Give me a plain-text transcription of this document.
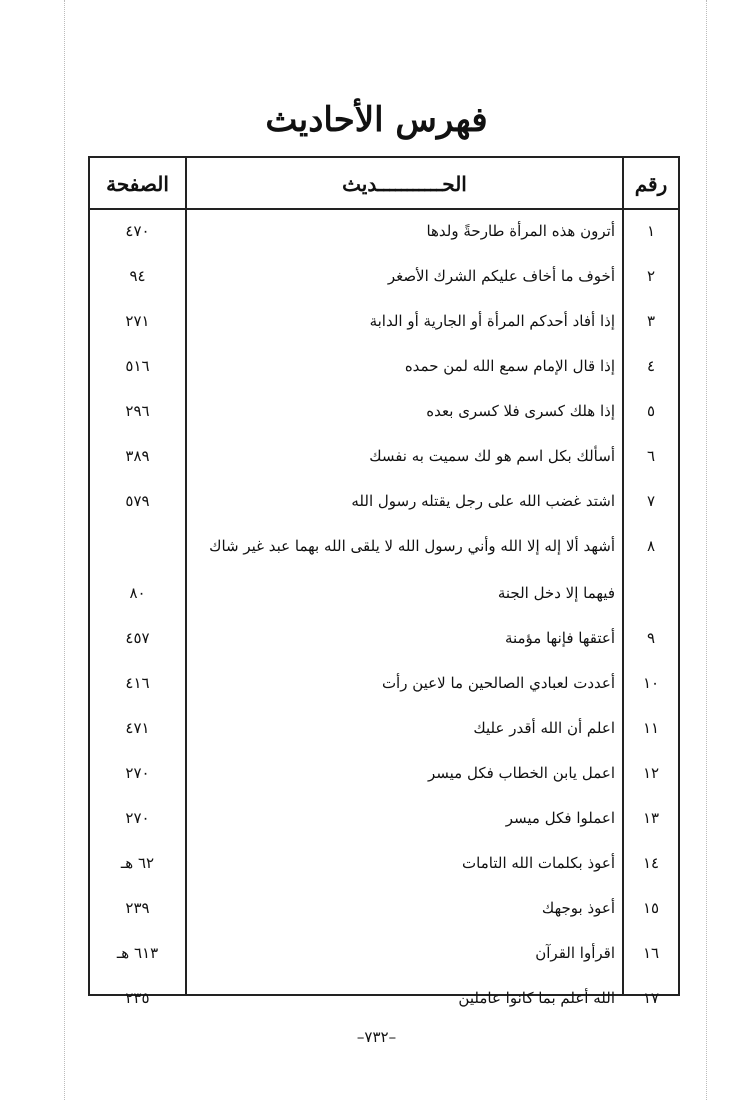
فهرس الأحاديث
الصفحة	الحـــــــــــديث	رقم
١
أترون هذه المرأة طارحةً ولدها
٤٧٠
٢
أخوف ما أخاف عليكم الشرك الأصغر
٩٤
٣
إذا أفاد أحدكم المرأة أو الجارية أو الدابة
٢٧١
٤
إذا قال الإمام سمع الله لمن حمده
٥١٦
٥
إذا هلك كسرى فلا كسرى بعده
٢٩٦
٦
أسألك بكل اسم هو لك سميت به نفسك
٣٨٩
٧
اشتد غضب الله على رجل يقتله رسول الله
٥٧٩
٨
أشهد ألا إله إلا الله وأني رسول الله لا يلقى الله بهما عبد غير شاك
فيهما إلا دخل الجنة
٨٠
٩
أعتقها فإنها مؤمنة
٤٥٧
١٠
أعددت لعبادي الصالحين ما لاعين رأت
٤١٦
١١
اعلم أن الله أقدر عليك
٤٧١
١٢
اعمل يابن الخطاب فكل ميسر
٢٧٠
١٣
اعملوا فكل ميسر
٢٧٠
١٤
أعوذ بكلمات الله التامات
٦٢ هـ
١٥
أعوذ بوجهك
٢٣٩
١٦
اقرأوا القرآن
٦١٣ هـ
١٧
الله أعلم بما كانوا عاملين
٢٣٥
–٧٣٢–
